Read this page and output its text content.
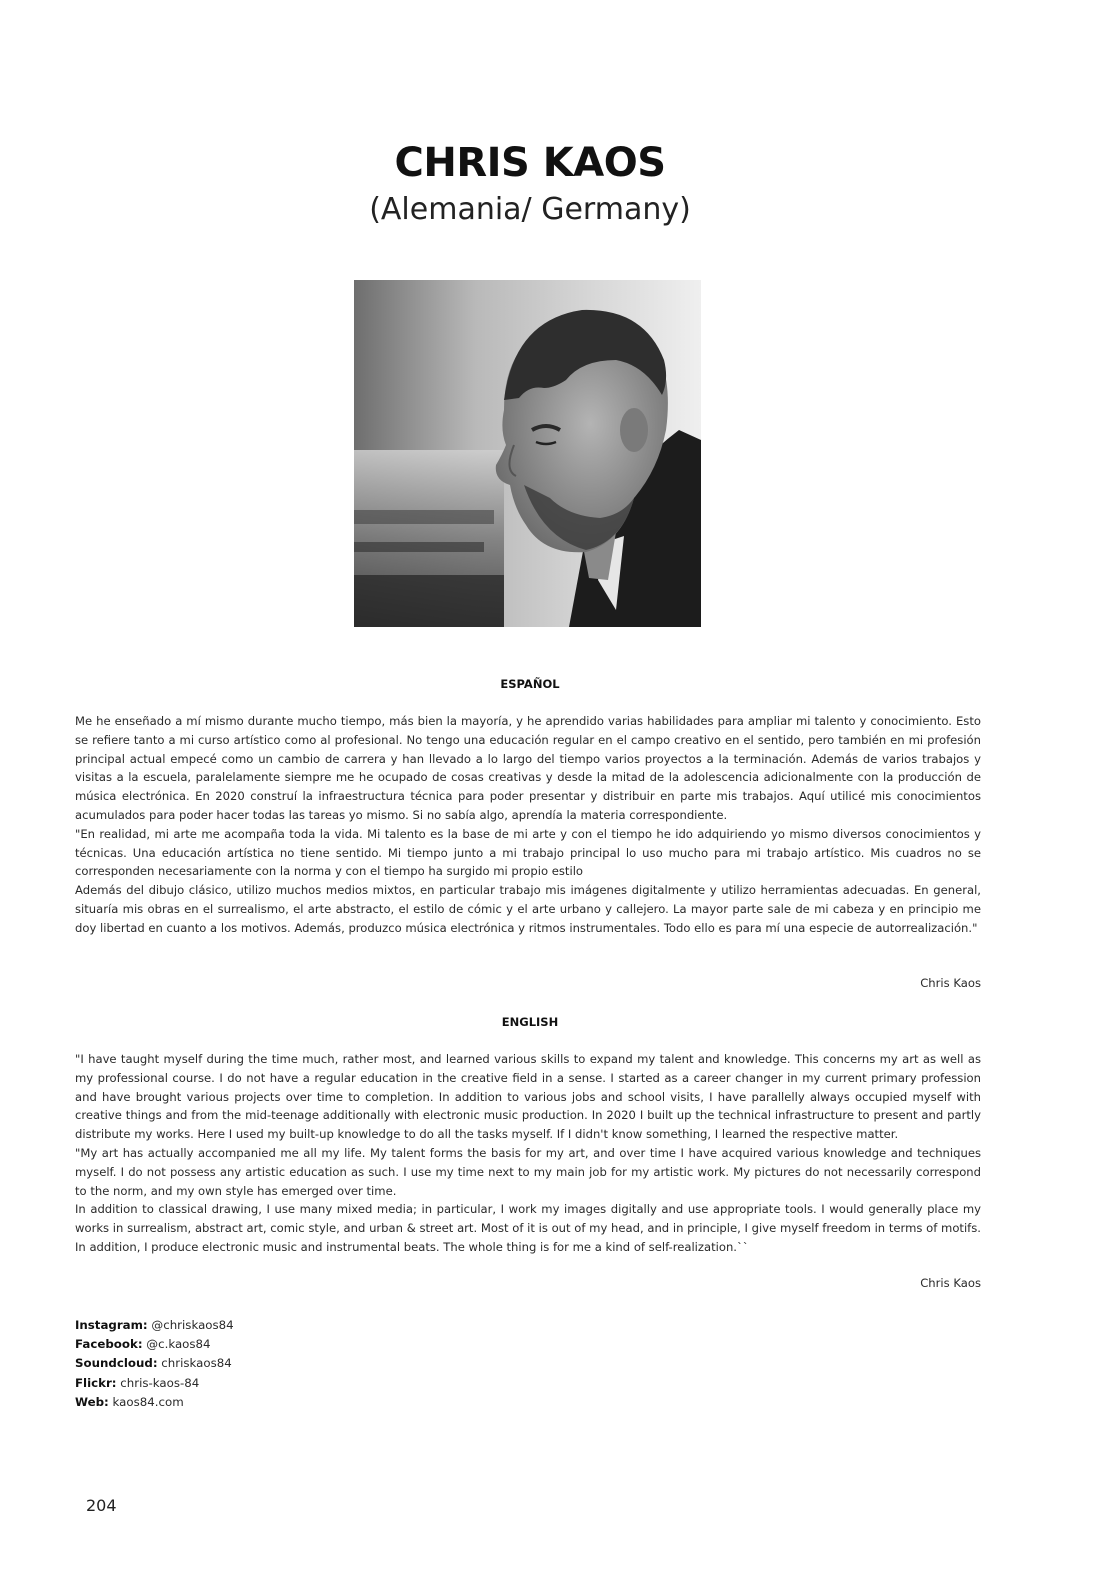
CHRIS KAOS
(Alemania/ Germany)
ESPAÑOL

Me he enseñado a mí mismo durante mucho tiempo, más bien la mayoría, y he aprendido varias habilidades para ampliar mi talento y conocimiento. Esto se refiere tanto a mi curso artístico como al profesional. No tengo una educación regular en el campo creativo en el sentido, pero también en mi profesión principal actual empecé como un cambio de carrera y han llevado a lo largo del tiempo varios proyectos a la terminación. Además de varios trabajos y visitas a la escuela, paralelamente siempre me he ocupado de cosas creativas y desde la mitad de la adolescencia adicionalmente con la producción de música electrónica. En 2020 construí la infraestructura técnica para poder presentar y distribuir en parte mis trabajos. Aquí utilicé mis conocimientos acumulados para poder hacer todas las tareas yo mismo. Si no sabía algo, aprendía la materia correspondiente.

"En realidad, mi arte me acompaña toda la vida. Mi talento es la base de mi arte y con el tiempo he ido adquiriendo yo mismo diversos conocimientos y técnicas. Una educación artística no tiene sentido. Mi tiempo junto a mi trabajo principal lo uso mucho para mi trabajo artístico. Mis cuadros no se corresponden necesariamente con la norma y con el tiempo ha surgido mi propio estilo

Además del dibujo clásico, utilizo muchos medios mixtos, en particular trabajo mis imágenes digitalmente y utilizo herramientas adecuadas. En general, situaría mis obras en el surrealismo, el arte abstracto, el estilo de cómic y el arte urbano y callejero. La mayor parte sale de mi cabeza y en principio me doy libertad en cuanto a los motivos. Además, produzco música electrónica y ritmos instrumentales. Todo ello es para mí una especie de autorrealización."

Chris Kaos

ENGLISH

"I have taught myself during the time much, rather most, and learned various skills to expand my talent and knowledge. This concerns my art as well as my professional course. I do not have a regular education in the creative field in a sense. I started as a career changer in my current primary profession and have brought various projects over time to completion. In addition to various jobs and school visits, I have parallelly always occupied myself with creative things and from the mid-teenage additionally with electronic music production. In 2020 I built up the technical infrastructure to present and partly distribute my works. Here I used my built-up knowledge to do all the tasks myself. If I didn't know something, I learned the respective matter.

"My art has actually accompanied me all my life. My talent forms the basis for my art, and over time I have acquired various knowledge and techniques myself. I do not possess any artistic education as such. I use my time next to my main job for my artistic work. My pictures do not necessarily correspond to the norm, and my own style has emerged over time.

In addition to classical drawing, I use many mixed media; in particular, I work my images digitally and use appropriate tools. I would generally place my works in surrealism, abstract art, comic style, and urban & street art. Most of it is out of my head, and in principle, I give myself freedom in terms of motifs. In addition, I produce electronic music and instrumental beats. The whole thing is for me a kind of self-realization.``

Chris Kaos

Instagram: @chriskaos84
Facebook: @c.kaos84
Soundcloud: chriskaos84
Flickr: chris-kaos-84
Web: kaos84.com
204
